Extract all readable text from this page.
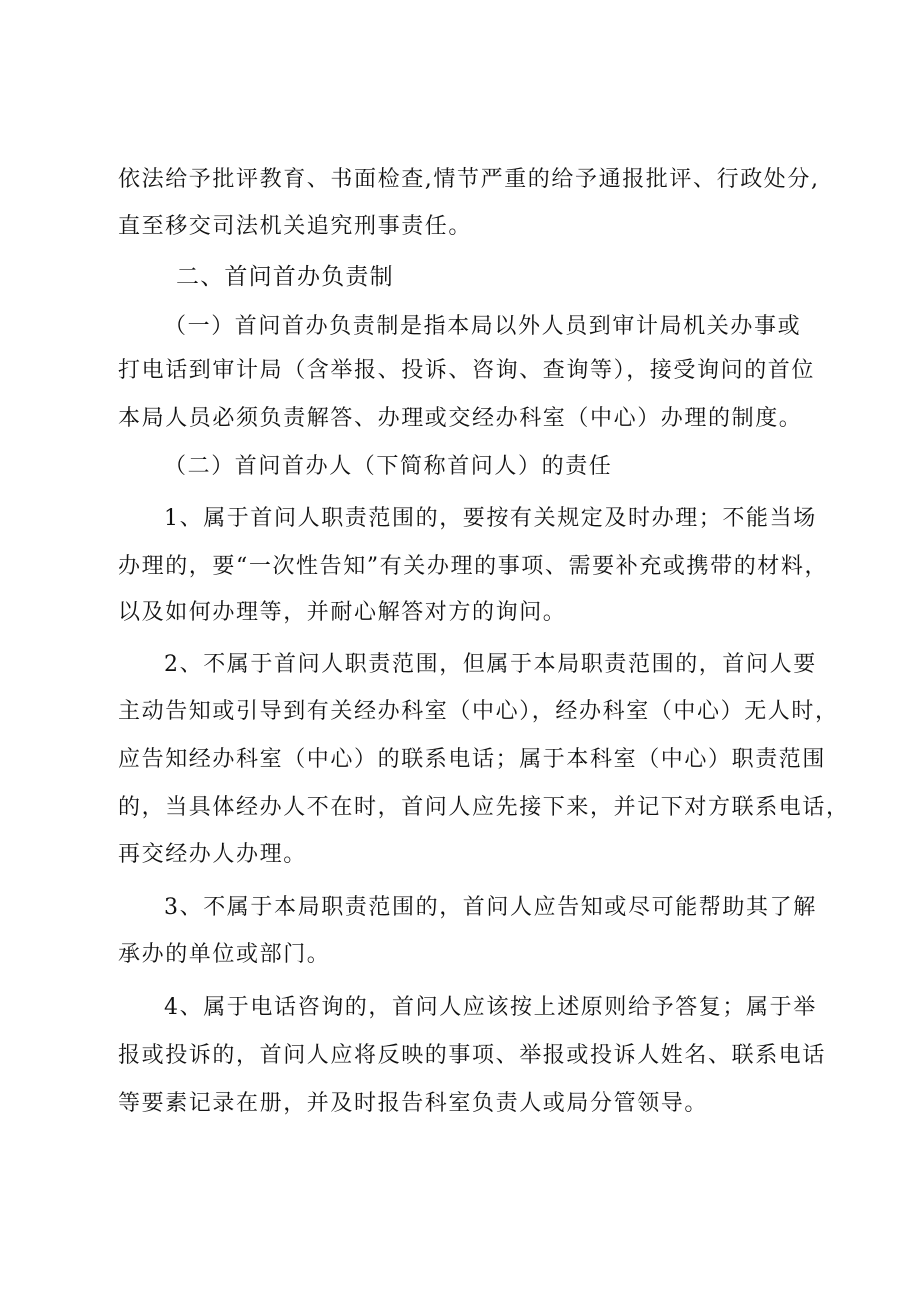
依法给予批评教育、书面检查,情节严重的给予通报批评、行政处分,
直至移交司法机关追究刑事责任。
二、首问首办负责制
（一）首问首办负责制是指本局以外人员到审计局机关办事或
打电话到审计局（含举报、投诉、咨询、查询等），接受询问的首位
本局人员必须负责解答、办理或交经办科室（中心）办理的制度。
（二）首问首办人（下简称首问人）的责任
1、属于首问人职责范围的，要按有关规定及时办理；不能当场
办理的，要“一次性告知”有关办理的事项、需要补充或携带的材料，
以及如何办理等，并耐心解答对方的询问。
2、不属于首问人职责范围，但属于本局职责范围的，首问人要
主动告知或引导到有关经办科室（中心），经办科室（中心）无人时，
应告知经办科室（中心）的联系电话；属于本科室（中心）职责范围
的，当具体经办人不在时，首问人应先接下来，并记下对方联系电话，
再交经办人办理。
3、不属于本局职责范围的，首问人应告知或尽可能帮助其了解
承办的单位或部门。
4、属于电话咨询的，首问人应该按上述原则给予答复；属于举
报或投诉的，首问人应将反映的事项、举报或投诉人姓名、联系电话
等要素记录在册，并及时报告科室负责人或局分管领导。
